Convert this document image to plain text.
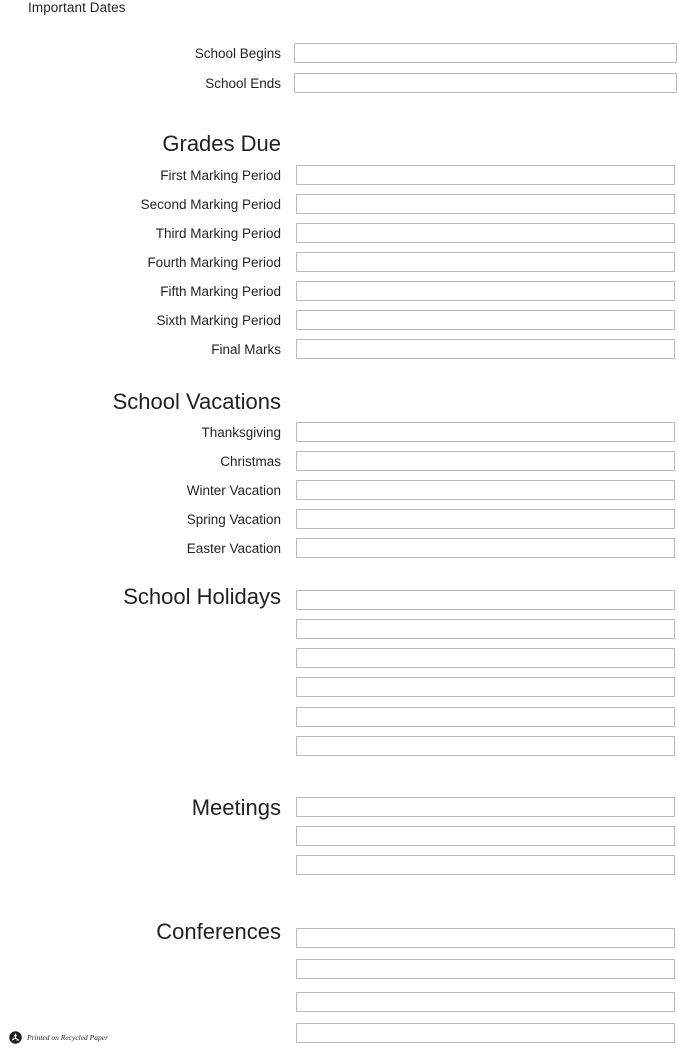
Important Dates
School Begins
School Ends
Grades Due
First Marking Period
Second Marking Period
Third Marking Period
Fourth Marking Period
Fifth Marking Period
Sixth Marking Period
Final Marks
School Vacations
Thanksgiving
Christmas
Winter Vacation
Spring Vacation
Easter Vacation
School Holidays
Meetings
Conferences
Printed on Recycled Paper
